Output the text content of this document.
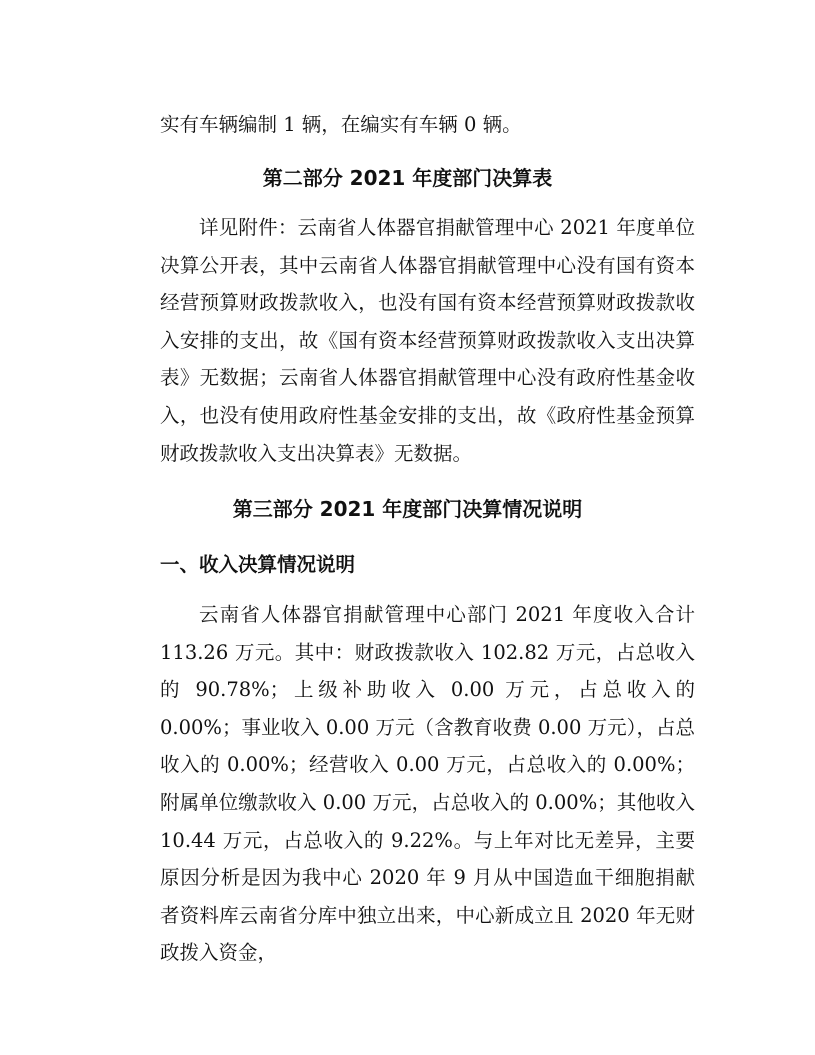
实有车辆编制 1 辆，在编实有车辆 0 辆。

第二部分 2021 年度部门决算表

详见附件：云南省人体器官捐献管理中心 2021 年度单位决算公开表，其中云南省人体器官捐献管理中心没有国有资本经营预算财政拨款收入，也没有国有资本经营预算财政拨款收入安排的支出，故《国有资本经营预算财政拨款收入支出决算表》无数据；云南省人体器官捐献管理中心没有政府性基金收入，也没有使用政府性基金安排的支出，故《政府性基金预算财政拨款收入支出决算表》无数据。

第三部分 2021 年度部门决算情况说明
一、收入决算情况说明

云南省人体器官捐献管理中心部门 2021 年度收入合计 113.26 万元。其中：财政拨款收入 102.82 万元，占总收入的 90.78%；上级补助收入 0.00 万元，占总收入的 0.00%；事业收入 0.00 万元（含教育收费 0.00 万元），占总收入的 0.00%；经营收入 0.00 万元，占总收入的 0.00%；附属单位缴款收入 0.00 万元，占总收入的 0.00%；其他收入 10.44 万元，占总收入的 9.22%。与上年对比无差异，主要原因分析是因为我中心 2020 年 9 月从中国造血干细胞捐献者资料库云南省分库中独立出来，中心新成立且 2020 年无财政拨入资金，
